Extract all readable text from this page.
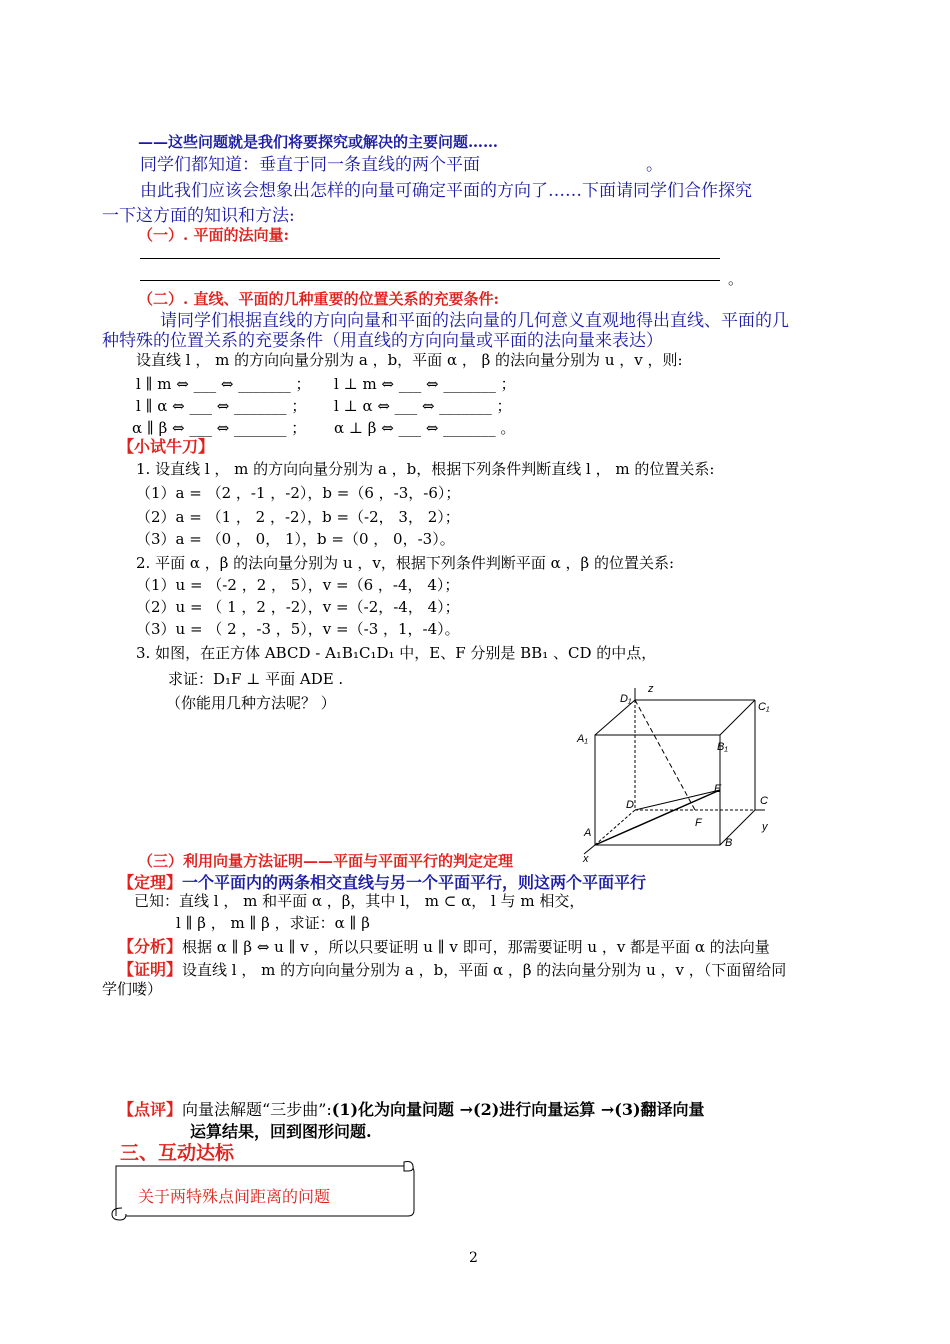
——这些问题就是我们将要探究或解决的主要问题……
同学们都知道：垂直于同一条直线的两个平面	。
由此我们应该会想象出怎样的向量可确定平面的方向了……下面请同学们合作探究
一下这方面的知识和方法:
（一）. 平面的法向量:
。
（二）. 直线、平面的几种重要的位置关系的充要条件:
请同学们根据直线的方向向量和平面的法向量的几何意义直观地得出直线、平面的几
种特殊的位置关系的充要条件（用直线的方向向量或平面的法向量来表达）
设直线 l ， m 的方向向量分别为 a ，b，平面 α ， β 的法向量分别为 u ，v ，则:
l ∥ m ⇔ ___ ⇔ _______ ； l ⊥ m ⇔ ___ ⇔ _______ ；
l ∥ α ⇔ ___ ⇔ _______ ； l ⊥ α ⇔ ___ ⇔ _______ ；
α ∥ β ⇔ ___ ⇔ _______ ； α ⊥ β ⇔ ___ ⇔ _______ 。
【小试牛刀】
1. 设直线 l ， m 的方向向量分别为 a ，b，根据下列条件判断直线 l ， m 的位置关系:
（1）a = （2 ，-1 ，-2），b =（6 ，-3，-6）；
（2）a = （1 ， 2 ，-2），b =（-2， 3， 2）；
（3）a = （0 ， 0， 1），b =（0 ， 0，-3）。
2. 平面 α ，β 的法向量分别为 u ，v，根据下列条件判断平面 α ，β 的位置关系:
（1）u = （-2 ，2 ， 5），v =（6 ，-4， 4）；
（2）u = （ 1 ，2 ，-2），v =（-2，-4， 4）；
（3）u = （ 2 ，-3 ，5），v =（-3 ，1，-4）。
3. 如图，在正方体 ABCD - A₁B₁C₁D₁ 中，E、F 分别是 BB₁ 、CD 的中点，
求证：D₁F ⊥ 平面 ADE .
（你能用几种方法呢？ ）	D₁
z
C₁
A₁
B₁
E
D	C
F	y
A
B
x
（三）利用向量方法证明——平面与平面平行的判定定理
【定理】一个平面内的两条相交直线与另一个平面平行，则这两个平面平行
已知：直线 l ， m 和平面 α ，β，其中 l， m ⊂ α， l 与 m 相交，
l ∥ β ， m ∥ β ，求证：α ∥ β
【分析】根据 α ∥ β ⇔ u ∥ v ，所以只要证明 u ∥ v 即可，那需要证明 u ，v 都是平面 α 的法向量
【证明】设直线 l ， m 的方向向量分别为 a ，b，平面 α ，β 的法向量分别为 u ，v ，（下面留给同
学们喽）
【点评】向量法解题“三步曲”:(1)化为向量问题 →(2)进行向量运算 →(3)翻译向量
运算结果，回到图形问题.
三、互动达标
关于两特殊点间距离的问题
2
